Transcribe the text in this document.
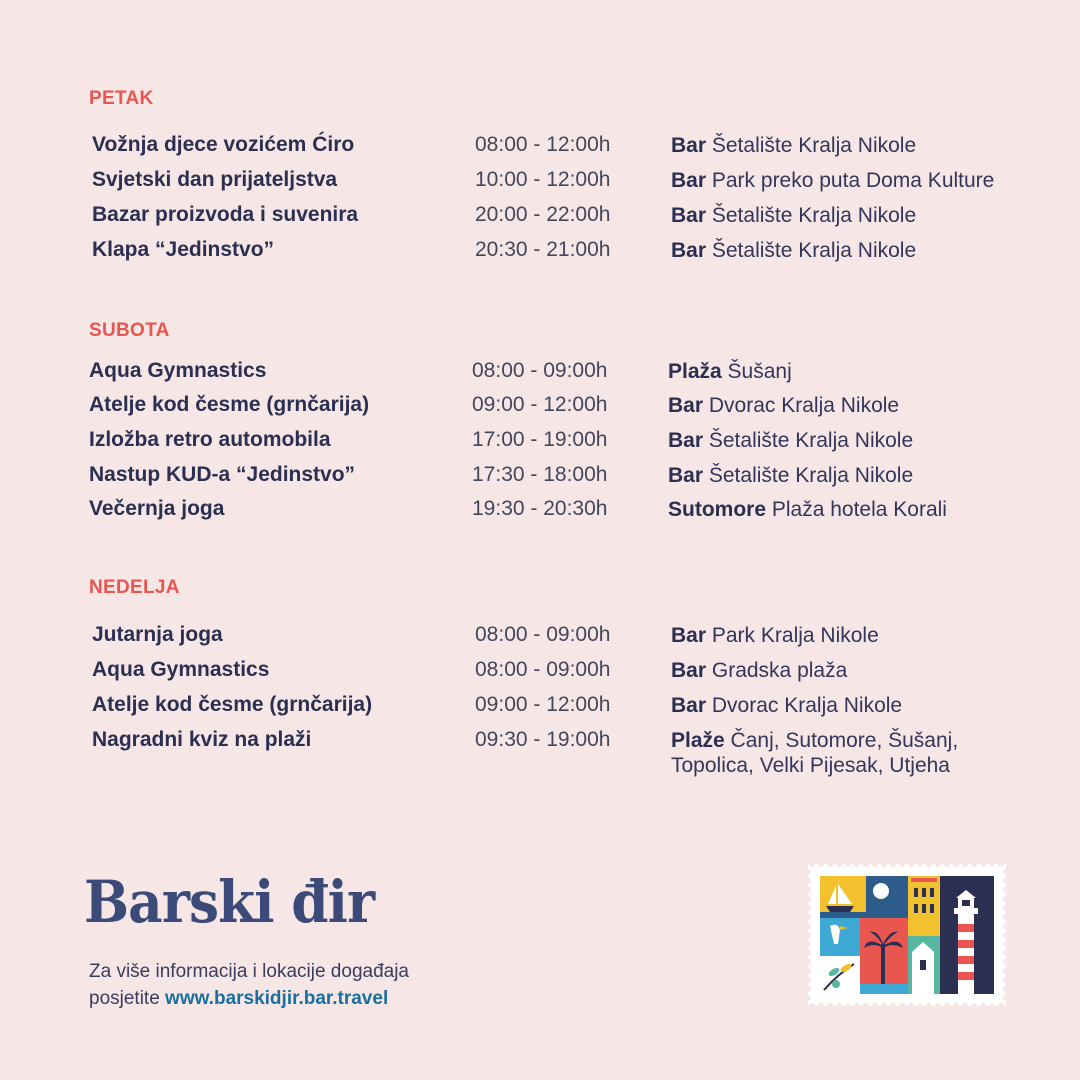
PETAK
Vožnja djece vozićem Ćiro	08:00 - 12:00h	Bar Šetalište Kralja Nikole
Svjetski dan prijateljstva	10:00 - 12:00h	Bar Park preko puta Doma Kulture
Bazar proizvoda i suvenira	20:00 - 22:00h	Bar Šetalište Kralja Nikole
Klapa “Jedinstvo”	20:30 - 21:00h	Bar Šetalište Kralja Nikole
SUBOTA
Aqua Gymnastics	08:00 - 09:00h	Plaža Šušanj
Atelje kod česme (grnčarija)	09:00 - 12:00h	Bar Dvorac Kralja Nikole
Izložba retro automobila	17:00 - 19:00h	Bar Šetalište Kralja Nikole
Nastup KUD-a “Jedinstvo”	17:30 - 18:00h	Bar Šetalište Kralja Nikole
Večernja joga	19:30 - 20:30h	Sutomore Plaža hotela Korali
NEDELJA
Jutarnja joga	08:00 - 09:00h	Bar Park Kralja Nikole
Aqua Gymnastics	08:00 - 09:00h	Bar Gradska plaža
Atelje kod česme (grnčarija)	09:00 - 12:00h	Bar Dvorac Kralja Nikole
Nagradni kviz na plaži	09:30 - 19:00h	Plaže Čanj, Sutomore, Šušanj,
Topolica, Velki Pijesak, Utjeha
Barski đir
Za više informacija i lokacije događaja
posjetite www.barskidjir.bar.travel
